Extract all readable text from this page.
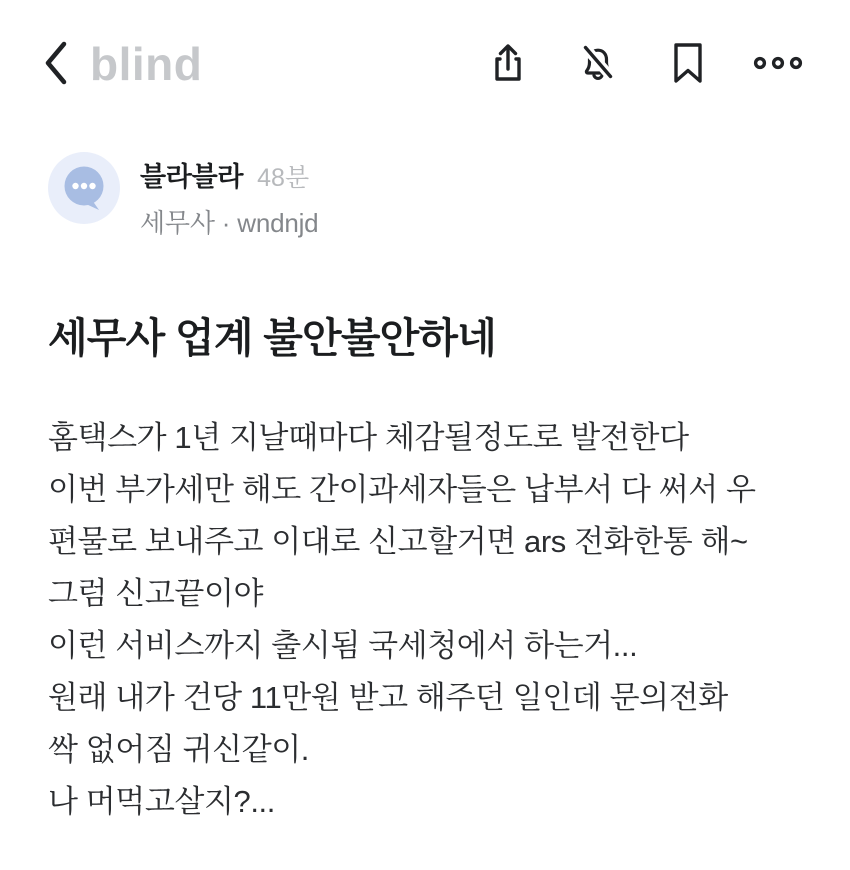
blind
블라블라 48분
세무사 · wndnjd
세무사 업계 불안불안하네
홈택스가 1년 지날때마다 체감될정도로 발전한다
이번 부가세만 해도 간이과세자들은 납부서 다 써서 우
편물로 보내주고 이대로 신고할거면 ars 전화한통 해~
그럼 신고끝이야
이런 서비스까지 출시됨 국세청에서 하는거...
원래 내가 건당 11만원 받고 해주던 일인데 문의전화
싹 없어짐 귀신같이.
나 머먹고살지?...
